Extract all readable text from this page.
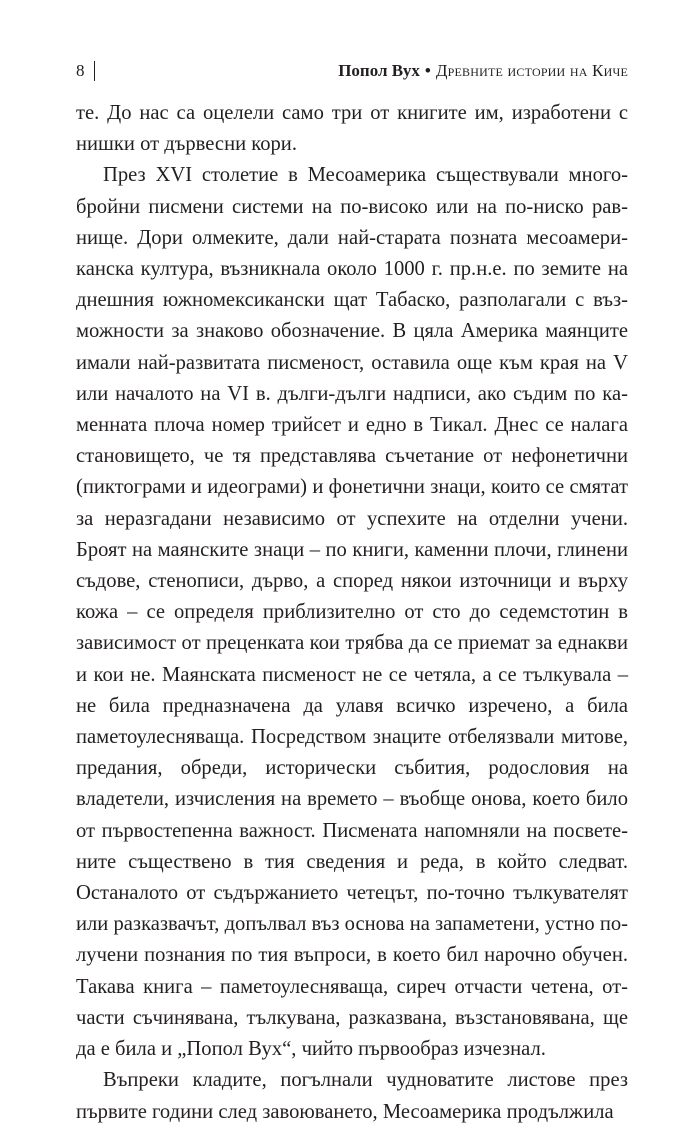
8	Попол Вух • Древните истории на Киче

те. До нас са оцелели само три от книгите им, изработени с нишки от дървесни кори.

През XVI столетие в Месоамерика съществували многобройни писмени системи на по-високо или на по-ниско равнище. Дори олмеките, дали най-старата позната месоамериканска култура, възникнала около 1000 г. пр.н.е. по земите на днешния южномексикански щат Табаско, разполагали с възможности за знаково обозначение. В цяла Америка маянците имали най-развитата писменост, оставила още към края на V или началото на VI в. дълги-дълги надписи, ако съдим по каменната плоча номер трийсет и едно в Тикал. Днес се налага становището, че тя представлява съчетание от нефонетични (пиктограми и идеограми) и фонетични знаци, които се смятат за неразгадани независимо от успехите на отделни учени. Броят на маянските знаци – по книги, каменни плочи, глинени съдове, стенописи, дърво, а според някои източници и върху кожа – се определя приблизително от сто до седемстотин в зависимост от преценката кои трябва да се приемат за еднакви и кои не. Маянската писменост не се четяла, а се тълкувала – не била предназначена да улавя всичко изречено, а била паметоулесняваща. Посредством знаците отбелязвали митове, предания, обреди, исторически събития, родословия на владетели, изчисления на времето – въобще онова, което било от първостепенна важност. Писмената напомняли на посветените съществено в тия сведения и реда, в който следват. Останалото от съдържанието четецът, по-точно тълкувателят или разказвачът, допълвал въз основа на запаметени, устно получени познания по тия въпроси, в което бил нарочно обучен. Такава книга – паметоулесняваща, сиреч отчасти четена, отчасти съчинявана, тълкувана, разказвана, възстановявана, ще да е била и „Попол Вух“, чийто първообраз изчезнал.

Въпреки кладите, погълнали чудноватите листове през първите години след завоюването, Месоамерика продължила
